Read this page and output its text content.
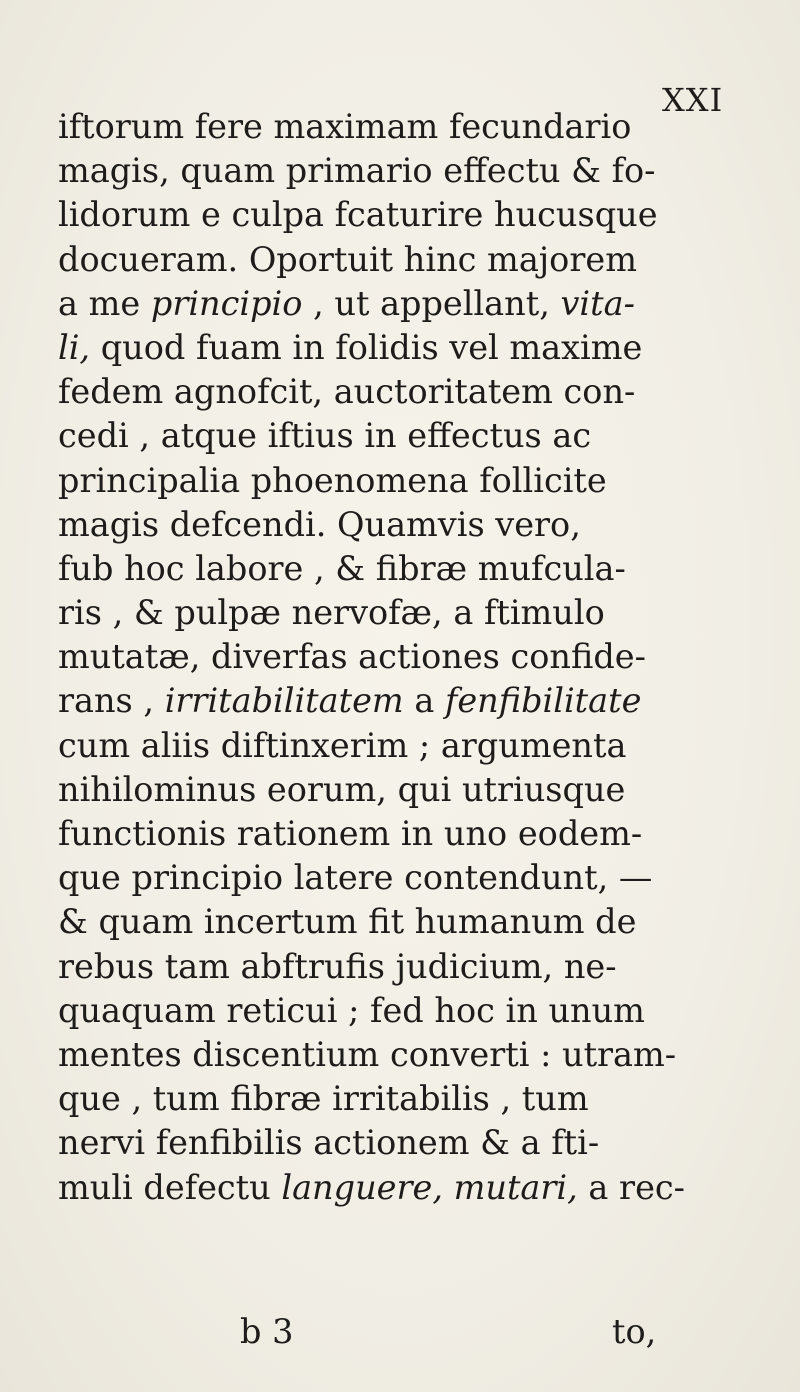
XXI
iftorum fere maximam fecundario
magis, quam primario effectu & fo-
lidorum e culpa fcaturire hucusque
docueram. Oportuit hinc majorem
a me principio , ut appellant, vita-
li, quod fuam in folidis vel maxime
fedem agnofcit, auctoritatem con-
cedi , atque iftius in effectus ac
principalia phoenomena follicite
magis defcendi. Quamvis vero,
fub hoc labore , & fibræ mufcula-
ris , & pulpæ nervofæ, a ftimulo
mutatæ, diverfas actiones confide-
rans , irritabilitatem a fenfibilitate
cum aliis diftinxerim ; argumenta
nihilominus eorum, qui utriusque
functionis rationem in uno eodem-
que principio latere contendunt, —
& quam incertum fit humanum de
rebus tam abftrufis judicium, ne-
quaquam reticui ; fed hoc in unum
mentes discentium converti : utram-
que , tum fibræ irritabilis , tum
nervi fenfibilis actionem & a fti-
muli defectu languere, mutari, a rec-
b 3	to,
